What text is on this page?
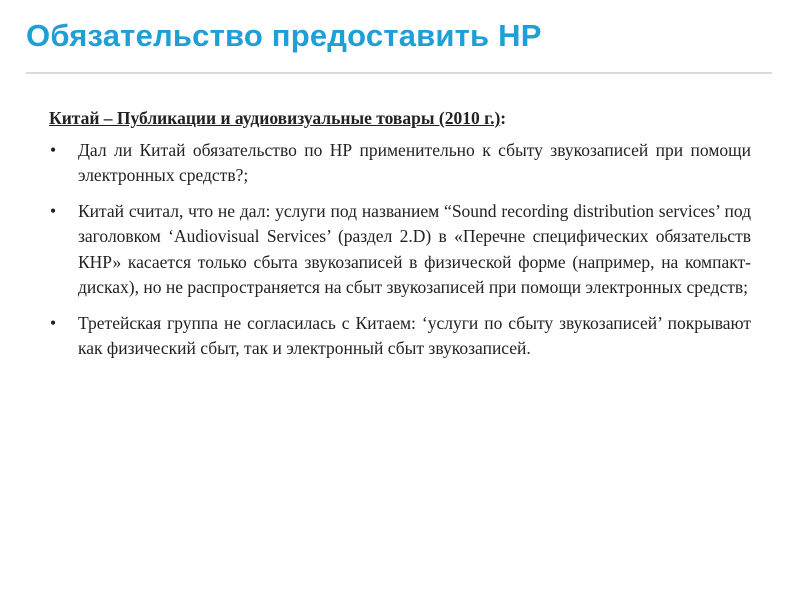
Обязательство предоставить НР

Китай – Публикации и аудиовизуальные товары (2010 г.):

• Дал ли Китай обязательство по НР применительно к сбыту звукозаписей при помощи электронных средств?;
• Китай считал, что не дал: услуги под названием “Sound recording distribution services’ под заголовком ‘Audiovisual Services’ (раздел 2.D) в «Перечне специфических обязательств КНР» касается только сбыта звукозаписей в физической форме (например, на компакт-дисках), но не распространяется на сбыт звукозаписей при помощи электронных средств;
• Третейская группа не согласилась с Китаем: ‘услуги по сбыту звукозаписей’ покрывают как физический сбыт, так и электронный сбыт звукозаписей.
